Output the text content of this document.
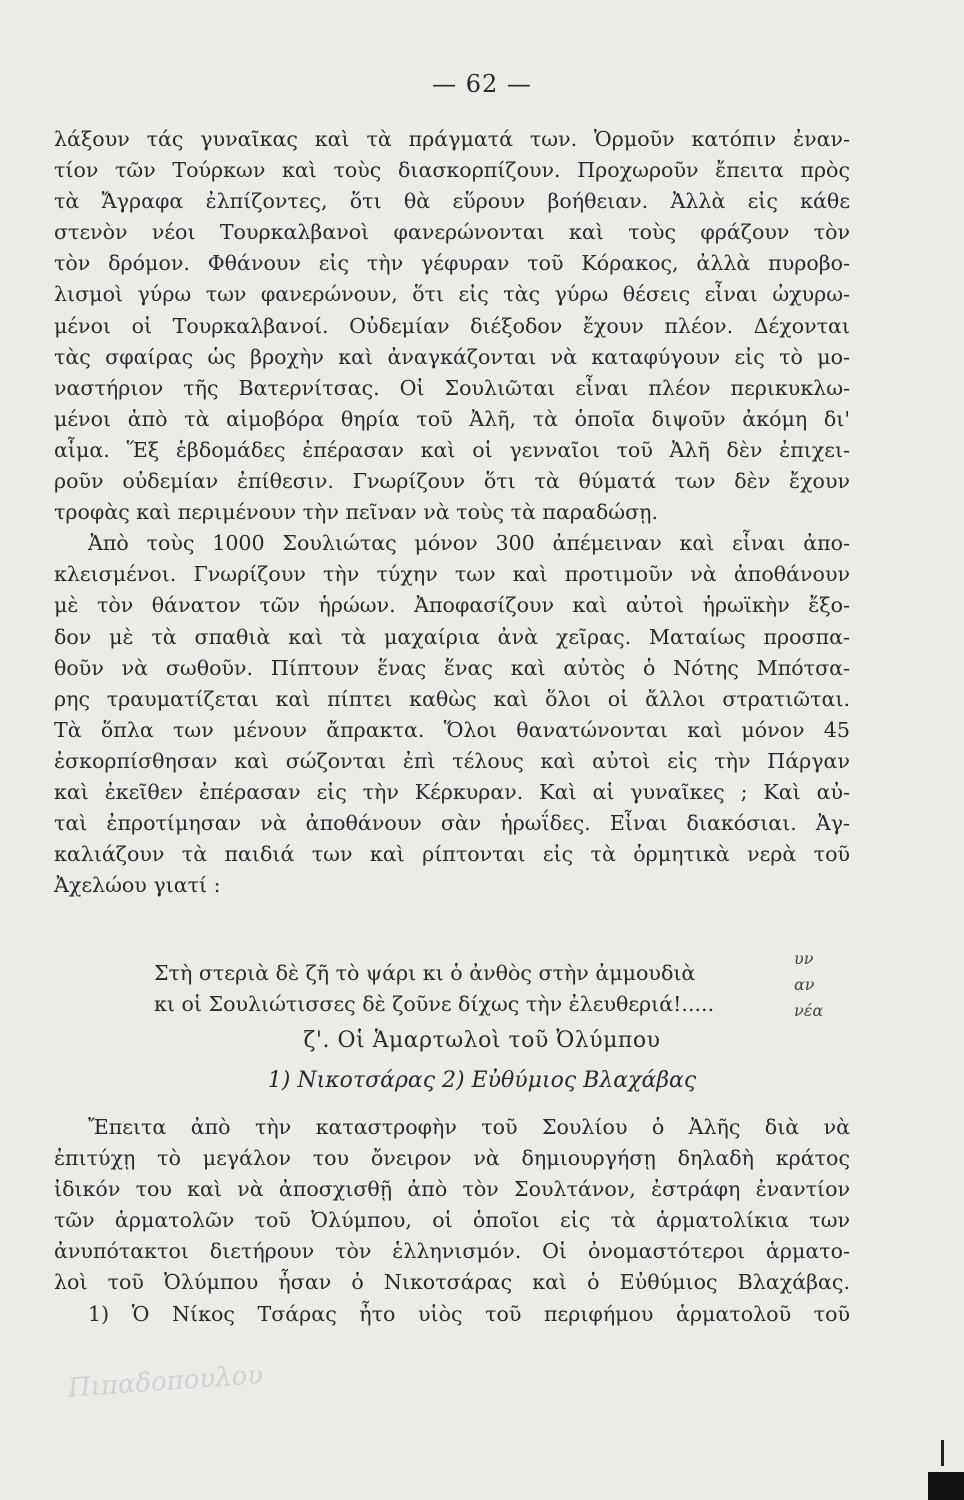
— 62 —
λάξουν τάς γυναῖκας καὶ τὰ πράγματά των. Ὁρμοῦν κατόπιν ἐναν-
τίον τῶν Τούρκων καὶ τοὺς διασκορπίζουν. Προχωροῦν ἔπειτα πρὸς
τὰ Ἄγραφα ἐλπίζοντες, ὅτι θὰ εὕρουν βοήθειαν. Ἀλλὰ εἰς κάθε
στενὸν νέοι Τουρκαλβανοὶ φανερώνονται καὶ τοὺς φράζουν τὸν
τὸν δρόμον. Φθάνουν εἰς τὴν γέφυραν τοῦ Κόρακος, ἀλλὰ πυροβο-
λισμοὶ γύρω των φανερώνουν, ὅτι εἰς τὰς γύρω θέσεις εἶναι ὠχυρω-
μένοι οἱ Τουρκαλβανοί. Οὐδεμίαν διέξοδον ἔχουν πλέον. Δέχονται
τὰς σφαίρας ὡς βροχὴν καὶ ἀναγκάζονται νὰ καταφύγουν εἰς τὸ μο-
ναστήριον τῆς Βατερνίτσας. Οἱ Σουλιῶται εἶναι πλέον περικυκλω-
μένοι ἀπὸ τὰ αἱμοβόρα θηρία τοῦ Ἀλῆ, τὰ ὁποῖα διψοῦν ἀκόμη δι'
αἷμα. Ἕξ ἑβδομάδες ἐπέρασαν καὶ οἱ γενναῖοι τοῦ Ἀλῆ δὲν ἐπιχει-
ροῦν οὐδεμίαν ἐπίθεσιν. Γνωρίζουν ὅτι τὰ θύματά των δὲν ἔχουν
τροφὰς καὶ περιμένουν τὴν πεῖναν νὰ τοὺς τὰ παραδώσῃ.
Ἀπὸ τοὺς 1000 Σουλιώτας μόνον 300 ἀπέμειναν καὶ εἶναι ἀπο-
κλεισμένοι. Γνωρίζουν τὴν τύχην των καὶ προτιμοῦν νὰ ἀποθάνουν
μὲ τὸν θάνατον τῶν ἡρώων. Ἀποφασίζουν καὶ αὐτοὶ ἡρωϊκὴν ἔξο-
δον μὲ τὰ σπαθιὰ καὶ τὰ μαχαίρια ἀνὰ χεῖρας. Ματαίως προσπα-
θοῦν νὰ σωθοῦν. Πίπτουν ἕνας ἕνας καὶ αὐτὸς ὁ Νότης Μπότσα-
ρης τραυματίζεται καὶ πίπτει καθὼς καὶ ὅλοι οἱ ἄλλοι στρατιῶται.
Τὰ ὅπλα των μένουν ἄπρακτα. Ὅλοι θανατώνονται καὶ μόνον 45
ἐσκορπίσθησαν καὶ σώζονται ἐπὶ τέλους καὶ αὐτοὶ εἰς τὴν Πάργαν
καὶ ἐκεῖθεν ἐπέρασαν εἰς τὴν Κέρκυραν. Καὶ αἱ γυναῖκες ; Καὶ αὐ-
ταὶ ἐπροτίμησαν νὰ ἀποθάνουν σὰν ἡρωΐδες. Εἶναι διακόσιαι. Ἀγ-
καλιάζουν τὰ παιδιά των καὶ ρίπτονται εἰς τὰ ὁρμητικὰ νερὰ τοῦ
Ἀχελώου γιατί :
Στὴ στεριὰ δὲ ζῆ τὸ ψάρι κι ὁ ἀνθὸς στὴν ἀμμουδιὰ
κι οἱ Σουλιώτισσες δὲ ζοῦνε δίχως τὴν ἐλευθεριά!.....
υν
αν
νέα
ζ'. Οἱ Ἁμαρτωλοὶ τοῦ Ὀλύμπου
1) Νικοτσάρας 2) Εὐθύμιος Βλαχάβας
Ἔπειτα ἀπὸ τὴν καταστροφὴν τοῦ Σουλίου ὁ Ἀλῆς διὰ νὰ
ἐπιτύχῃ τὸ μεγάλον του ὄνειρον νὰ δημιουργήσῃ δηλαδὴ κράτος
ἰδικόν του καὶ νὰ ἀποσχισθῇ ἀπὸ τὸν Σουλτάνον, ἐστράφη ἐναντίον
τῶν ἁρματολῶν τοῦ Ὀλύμπου, οἱ ὁποῖοι εἰς τὰ ἁρματολίκια των
ἀνυπότακτοι διετήρουν τὸν ἑλληνισμόν. Οἱ ὀνομαστότεροι ἁρματο-
λοὶ τοῦ Ὀλύμπου ἦσαν ὁ Νικοτσάρας καὶ ὁ Εὐθύμιος Βλαχάβας.
1) Ὁ Νίκος Τσάρας ἦτο υἱὸς τοῦ περιφήμου ἁρματολοῦ τοῦ
Πιπαδοπουλου
